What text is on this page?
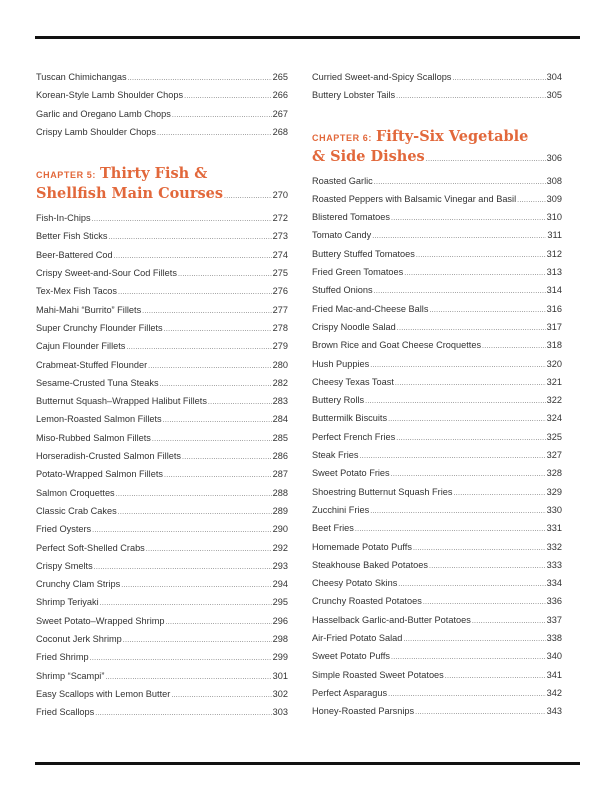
Tuscan Chimichangas .....	265
Korean-Style Lamb Shoulder Chops .....	266
Garlic and Oregano Lamb Chops .....	267
Crispy Lamb Shoulder Chops .....	268
CHAPTER 5: Thirty Fish &
Shellfish Main Courses .....	270
Fish-In-Chips .....	272
Better Fish Sticks .....	273
Beer-Battered Cod .....	274
Crispy Sweet-and-Sour Cod Fillets .....	275
Tex-Mex Fish Tacos .....	276
Mahi-Mahi “Burrito” Fillets .....	277
Super Crunchy Flounder Fillets .....	278
Cajun Flounder Fillets .....	279
Crabmeat-Stuffed Flounder .....	280
Sesame-Crusted Tuna Steaks .....	282
Butternut Squash–Wrapped Halibut Fillets .....	283
Lemon-Roasted Salmon Fillets .....	284
Miso-Rubbed Salmon Fillets .....	285
Horseradish-Crusted Salmon Fillets .....	286
Potato-Wrapped Salmon Fillets .....	287
Salmon Croquettes .....	288
Classic Crab Cakes .....	289
Fried Oysters .....	290
Perfect Soft-Shelled Crabs .....	292
Crispy Smelts .....	293
Crunchy Clam Strips .....	294
Shrimp Teriyaki .....	295
Sweet Potato–Wrapped Shrimp .....	296
Coconut Jerk Shrimp .....	298
Fried Shrimp .....	299
Shrimp “Scampi” .....	301
Easy Scallops with Lemon Butter .....	302
Fried Scallops .....	303
Curried Sweet-and-Spicy Scallops .....	304
Buttery Lobster Tails .....	305
CHAPTER 6: Fifty-Six Vegetable
& Side Dishes .....	306
Roasted Garlic .....	308
Roasted Peppers with Balsamic Vinegar and Basil .....	309
Blistered Tomatoes .....	310
Tomato Candy .....	311
Buttery Stuffed Tomatoes .....	312
Fried Green Tomatoes .....	313
Stuffed Onions .....	314
Fried Mac-and-Cheese Balls .....	316
Crispy Noodle Salad .....	317
Brown Rice and Goat Cheese Croquettes .....	318
Hush Puppies .....	320
Cheesy Texas Toast .....	321
Buttery Rolls .....	322
Buttermilk Biscuits .....	324
Perfect French Fries .....	325
Steak Fries .....	327
Sweet Potato Fries .....	328
Shoestring Butternut Squash Fries .....	329
Zucchini Fries .....	330
Beet Fries .....	331
Homemade Potato Puffs .....	332
Steakhouse Baked Potatoes .....	333
Cheesy Potato Skins .....	334
Crunchy Roasted Potatoes .....	336
Hasselback Garlic-and-Butter Potatoes .....	337
Air-Fried Potato Salad .....	338
Sweet Potato Puffs .....	340
Simple Roasted Sweet Potatoes .....	341
Perfect Asparagus .....	342
Honey-Roasted Parsnips .....	343
